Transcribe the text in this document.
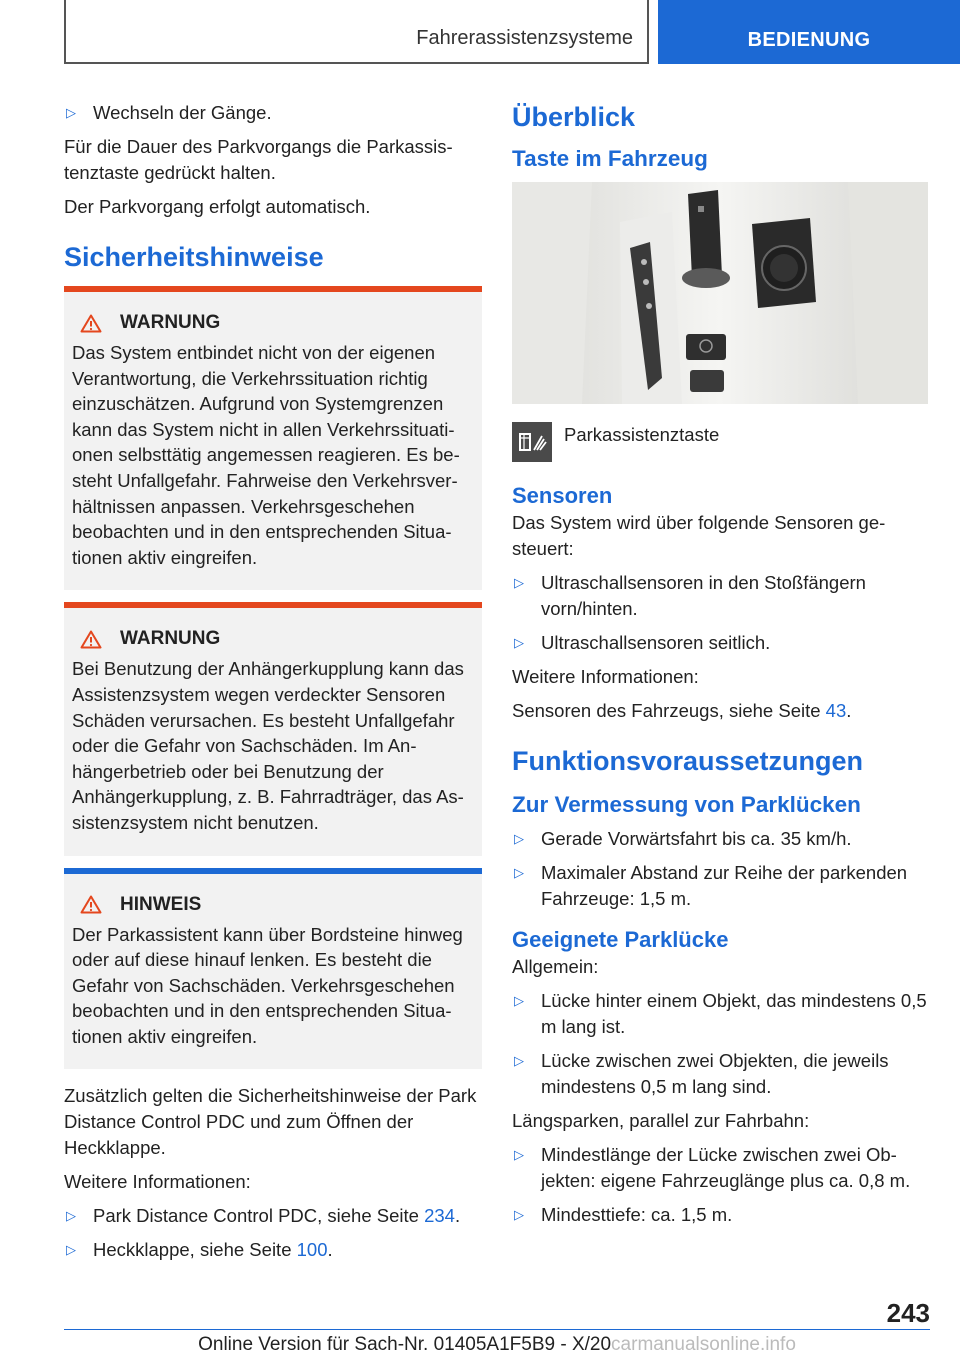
Fahrerassistenzsysteme	BEDIENUNG
▷ Wechseln der Gänge.

Für die Dauer des Parkvorgangs die Parkassistenztaste gedrückt halten.

Der Parkvorgang erfolgt automatisch.

Sicherheitshinweise
WARNUNG
Das System entbindet nicht von der eigenen Verantwortung, die Verkehrssituation richtig einzuschätzen. Aufgrund von Systemgrenzen kann das System nicht in allen Verkehrssituationen selbsttätig angemessen reagieren. Es besteht Unfallgefahr. Fahrweise den Verkehrsverhältnissen anpassen. Verkehrsgeschehen beobachten und in den entsprechenden Situationen aktiv eingreifen.
WARNUNG
Bei Benutzung der Anhängerkupplung kann das Assistenzsystem wegen verdeckter Sensoren Schäden verursachen. Es besteht Unfallgefahr oder die Gefahr von Sachschäden. Im Anhängerbetrieb oder bei Benutzung der Anhängerkupplung, z. B. Fahrradträger, das Assistenzsystem nicht benutzen.
HINWEIS
Der Parkassistent kann über Bordsteine hinweg oder auf diese hinauf lenken. Es besteht die Gefahr von Sachschäden. Verkehrsgeschehen beobachten und in den entsprechenden Situationen aktiv eingreifen.

Zusätzlich gelten die Sicherheitshinweise der Park Distance Control PDC und zum Öffnen der Heckklappe.

Weitere Informationen:

▷ Park Distance Control PDC, siehe Seite 234.
▷ Heckklappe, siehe Seite 100.
Überblick
Taste im Fahrzeug
Parkassistenztaste
Sensoren

Das System wird über folgende Sensoren gesteuert:

▷ Ultraschallsensoren in den Stoßfängern vorn/hinten.
▷ Ultraschallsensoren seitlich.

Weitere Informationen:

Sensoren des Fahrzeugs, siehe Seite 43.

Funktionsvoraussetzungen
Zur Vermessung von Parklücken
▷ Gerade Vorwärtsfahrt bis ca. 35 km/h.
▷ Maximaler Abstand zur Reihe der parkenden Fahrzeuge: 1,5 m.
Geeignete Parklücke

Allgemein:

▷ Lücke hinter einem Objekt, das mindestens 0,5 m lang ist.
▷ Lücke zwischen zwei Objekten, die jeweils mindestens 0,5 m lang sind.

Längsparken, parallel zur Fahrbahn:

▷ Mindestlänge der Lücke zwischen zwei Objekten: eigene Fahrzeuglänge plus ca. 0,8 m.
▷ Mindesttiefe: ca. 1,5 m.
243
Online Version für Sach-Nr. 01405A1F5B9 - X/20carmanualsonline.info
